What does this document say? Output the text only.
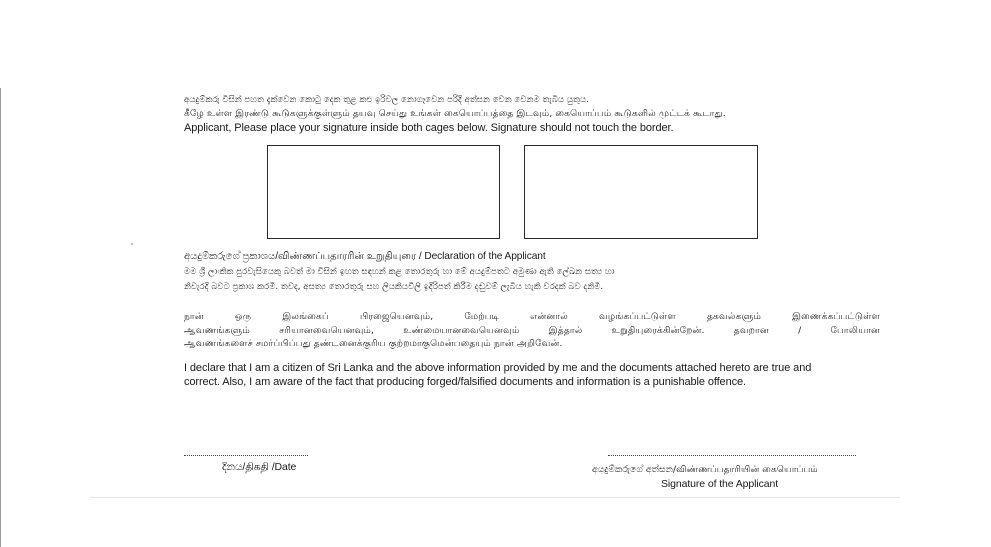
අයදුම්කරු විසින් පහත දැක්වෙන කොටු දෙක තුළ කළු ඉරිවල නොගෑවෙන පරිදි අත්සන වෙන වෙනම තැබිය යුතුය.
கீழே உள்ள இரண்டு கூடுகளுக்குள்ளும் தயவு செய்து உங்கள் கையொப்பத்தை இடவும், கையொப்பம் கூடுகளில் முட்டக் கூடாது.
Applicant, Please place your signature inside both cages below. Signature should not touch the border.
අයදුම්කරුගේ ප්‍රකාශය/விண்ணப்பதாரரின் உறுதியுரை / Declaration of the Applicant
මම ශ්‍රී ලාංකික පුරවැසියෙකු බවත් මා විසින් ඉහත සඳහන් කළ තොරතුරු හා මේ අයදුම්පතට අමුණා ඇති ලේඛන සත්‍ය හා
නිවැරදි බවට ප්‍රකාශ කරමි. තවද, අසත්‍ය තොරතුරු සහ ලියකියවිලි ඉදිරිපත් කිරීම දඬුවම් ලැබිය හැකි වරදක් බව දනිමි.
நான்	ஒரு	இலங்கைப்	பிரஜையெனவும்,	மேற்படி	என்னால்	வழங்கப்பட்டுள்ள	தகவல்களும்	இணைக்கப்பட்டுள்ள
ஆவணங்களும்	சரியானவையெனவும்,	உண்மையானவையெனவும்	இத்தால்	உறுதியுரைக்கின்றேன்.	தவறான	/	போலியான
ஆவணங்களைச் சமர்ப்பிப்பது தண்டனைக்குரிய குற்றமாகுமென்பதையும் நான் அறிவேன்.
I declare that I am a citizen of Sri Lanka and the above information provided by me and the documents attached hereto are true and
correct. Also, I am aware of the fact that producing forged/falsified documents and information is a punishable offence.
දිනය/திகதி /Date	අයදුම්කරුගේ අත්සන/விண்ணப்பதாரியின் கையொப்பம்
Signature of the Applicant
